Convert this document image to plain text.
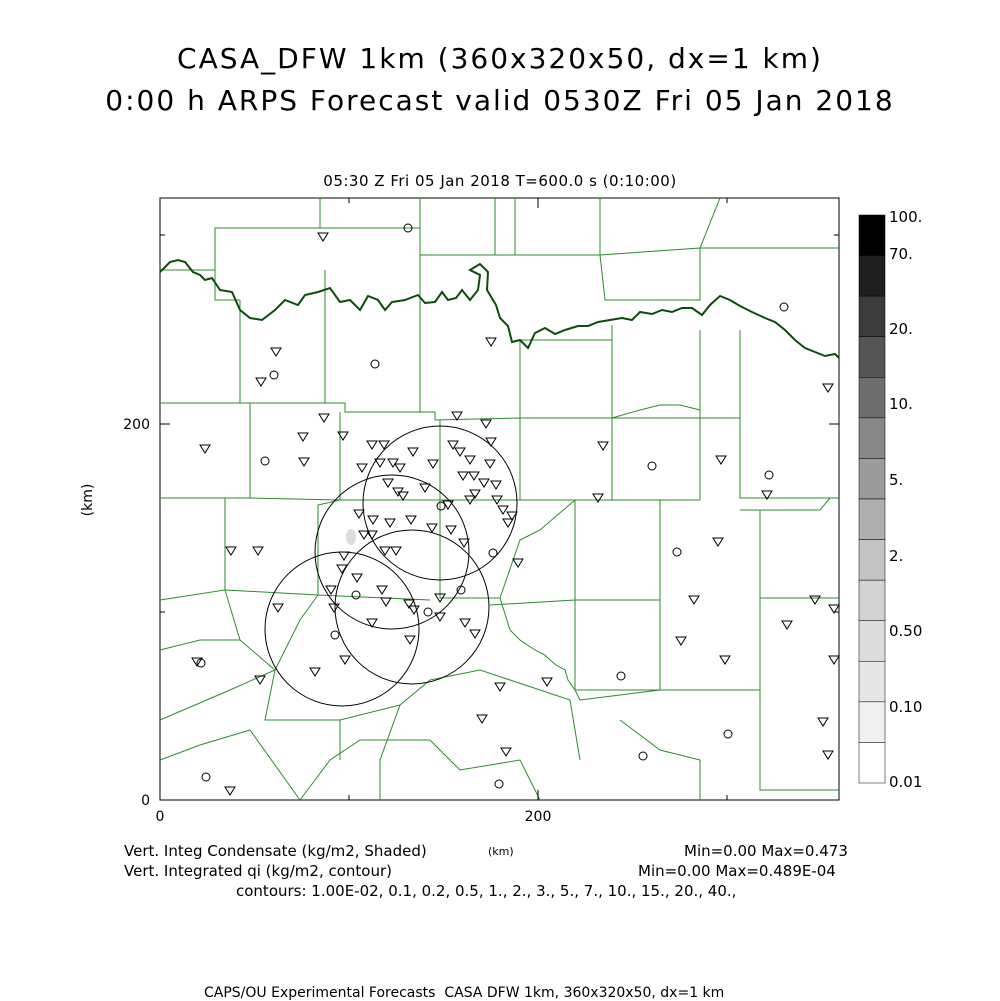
CASA_DFW 1km (360x320x50, dx=1 km)
0:00 h ARPS Forecast valid 0530Z Fri 05 Jan 2018
05:30 Z Fri 05 Jan 2018 T=600.0 s (0:10:00)
0
200
0	200
(km)
100.
70.
20.
10.
5.
2.
0.50
0.10
0.01
Vert. Integ Condensate (kg/m2, Shaded)	(km)	Min=0.00 Max=0.473
Vert. Integrated qi (kg/m2, contour)	Min=0.00 Max=0.489E-04
contours: 1.00E-02, 0.1, 0.2, 0.5, 1., 2., 3., 5., 7., 10., 15., 20., 40.,
CAPS/OU Experimental Forecasts  CASA DFW 1km, 360x320x50, dx=1 km
